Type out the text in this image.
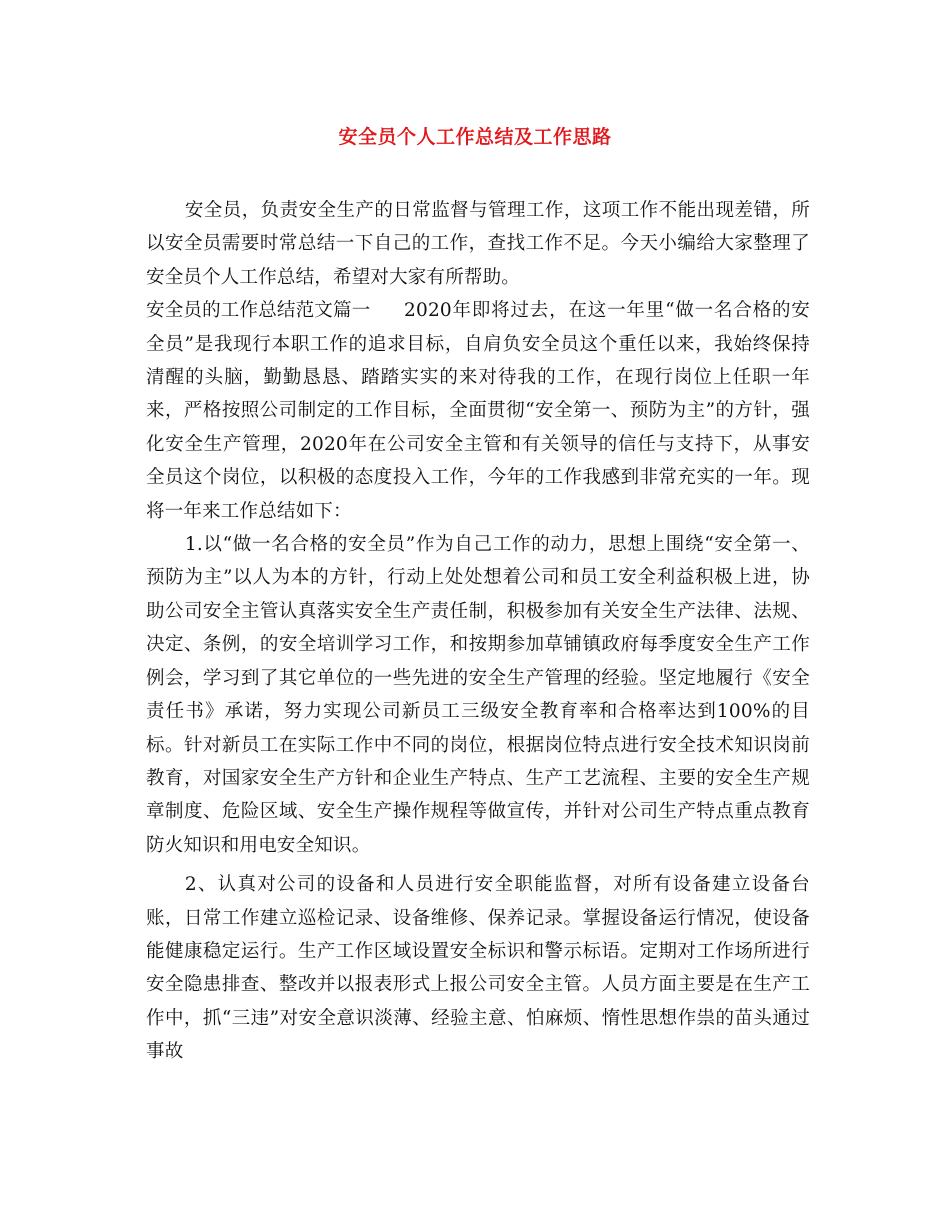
安全员个人工作总结及工作思路

安全员，负责安全生产的日常监督与管理工作，这项工作不能出现差错，所以安全员需要时常总结一下自己的工作，查找工作不足。今天小编给大家整理了安全员个人工作总结，希望对大家有所帮助。

安全员的工作总结范文篇一 2020年即将过去，在这一年里“做一名合格的安全员”是我现行本职工作的追求目标，自肩负安全员这个重任以来，我始终保持清醒的头脑，勤勤恳恳、踏踏实实的来对待我的工作，在现行岗位上任职一年来，严格按照公司制定的工作目标，全面贯彻“安全第一、预防为主”的方针，强化安全生产管理，2020年在公司安全主管和有关领导的信任与支持下，从事安全员这个岗位，以积极的态度投入工作，今年的工作我感到非常充实的一年。现将一年来工作总结如下：

1.以“做一名合格的安全员”作为自己工作的动力，思想上围绕“安全第一、预防为主”以人为本的方针，行动上处处想着公司和员工安全利益积极上进，协助公司安全主管认真落实安全生产责任制，积极参加有关安全生产法律、法规、决定、条例，的安全培训学习工作，和按期参加草铺镇政府每季度安全生产工作例会，学习到了其它单位的一些先进的安全生产管理的经验。坚定地履行《安全责任书》承诺，努力实现公司新员工三级安全教育率和合格率达到100%的目标。针对新员工在实际工作中不同的岗位，根据岗位特点进行安全技术知识岗前教育，对国家安全生产方针和企业生产特点、生产工艺流程、主要的安全生产规章制度、危险区域、安全生产操作规程等做宣传，并针对公司生产特点重点教育防火知识和用电安全知识。

2、认真对公司的设备和人员进行安全职能监督，对所有设备建立设备台账，日常工作建立巡检记录、设备维修、保养记录。掌握设备运行情况，使设备能健康稳定运行。生产工作区域设置安全标识和警示标语。定期对工作场所进行安全隐患排查、整改并以报表形式上报公司安全主管。人员方面主要是在生产工作中，抓“三违”对安全意识淡薄、经验主意、怕麻烦、惰性思想作祟的苗头通过事故
